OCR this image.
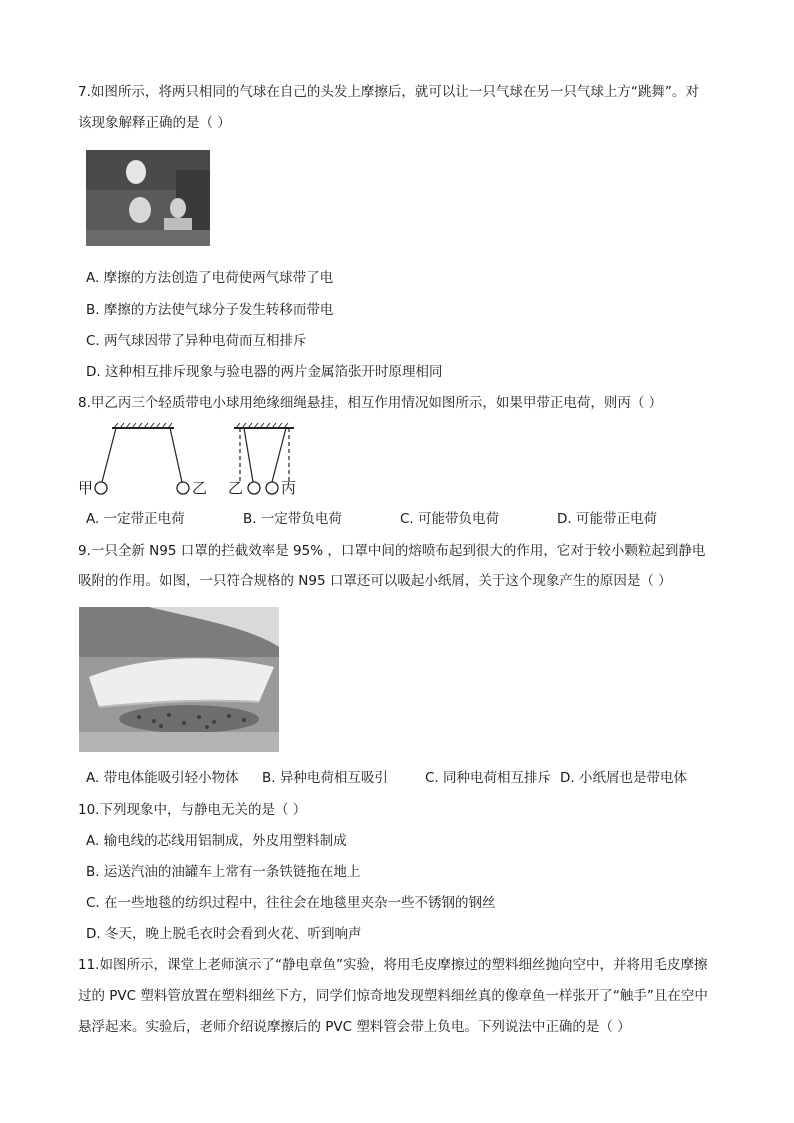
7.如图所示，将两只相同的气球在自己的头发上摩擦后，就可以让一只气球在另一只气球上方“跳舞”。对
该现象解释正确的是（ ）
A. 摩擦的方法创造了电荷使两气球带了电
B. 摩擦的方法使气球分子发生转移而带电
C. 两气球因带了异种电荷而互相排斥
D. 这种相互排斥现象与验电器的两片金属箔张开时原理相同
8.甲乙丙三个轻质带电小球用绝缘细绳悬挂，相互作用情况如图所示，如果甲带正电荷，则丙（ ）
甲	乙 乙	丙
A. 一定带正电荷	B. 一定带负电荷	C. 可能带负电荷	D. 可能带正电荷
9.一只全新 N95 口罩的拦截效率是 95% ，口罩中间的熔喷布起到很大的作用，它对于较小颗粒起到静电
吸附的作用。如图，一只符合规格的 N95 口罩还可以吸起小纸屑，关于这个现象产生的原因是（ ）
A. 带电体能吸引轻小物体 B. 异种电荷相互吸引	C. 同种电荷相互排斥 D. 小纸屑也是带电体
10.下列现象中，与静电无关的是（ ）
A. 输电线的芯线用铝制成，外皮用塑料制成
B. 运送汽油的油罐车上常有一条铁链拖在地上
C. 在一些地毯的纺织过程中，往往会在地毯里夹杂一些不锈钢的钢丝
D. 冬天，晚上脱毛衣时会看到火花、听到响声
11.如图所示，课堂上老师演示了“静电章鱼”实验，将用毛皮摩擦过的塑料细丝抛向空中，并将用毛皮摩擦
过的 PVC 塑料管放置在塑料细丝下方，同学们惊奇地发现塑料细丝真的像章鱼一样张开了“触手”且在空中
悬浮起来。实验后，老师介绍说摩擦后的 PVC 塑料管会带上负电。下列说法中正确的是（ ）
